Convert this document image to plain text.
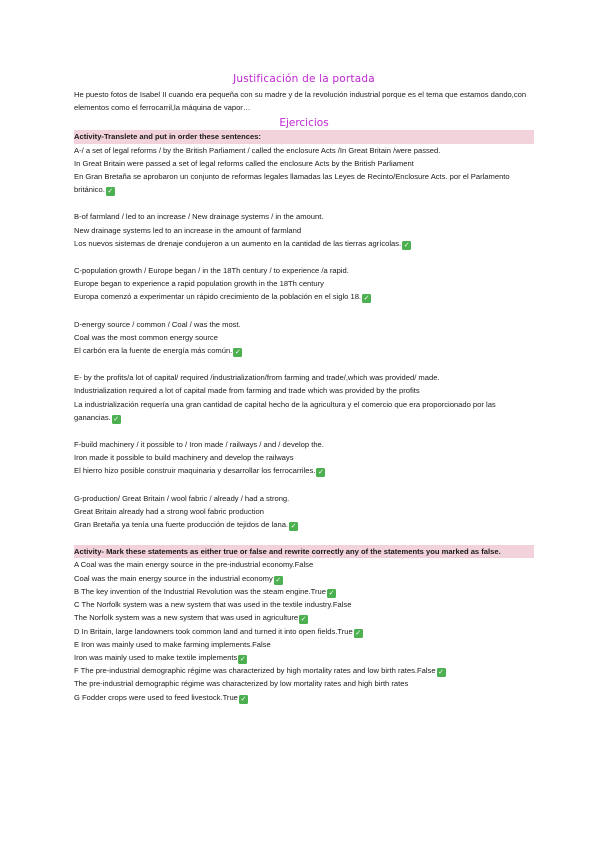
Justificación de la portada

He puesto fotos de Isabel II cuando era pequeña con su madre y de la revolución industrial porque es el tema que estamos dando,con elementos como el ferrocarril,la máquina de vapor…

Ejercicios

Activity-Translete and put in order these sentences:

A-/ a set of legal reforms / by the British Parliament / called the enclosure Acts /In Great Britain /were passed.

In Great Britain were passed a set of legal reforms called the enclosure Acts by the British Parliament

En Gran Bretaña se aprobaron un conjunto de reformas legales llamadas las Leyes de Recinto/Enclosure Acts. por el Parlamento británico. ✓

B-of farmland / led to an increase / New drainage systems / in the amount.

New drainage systems led to an increase in the amount of farmland

Los nuevos sistemas de drenaje condujeron a un aumento en la cantidad de las tierras agrícolas. ✓

C-population growth / Europe began / in the 18Th century / to experience /a rapid.

Europe began to experience a rapid population growth in the 18Th century

Europa comenzó a experimentar un rápido crecimiento de la población en el siglo 18. ✓

D-energy source / common / Coal / was the most.

Coal was the most common energy source

El carbón era la fuente de energía más común. ✓

E- by the profits/a lot of capital/ required /industrialization/from farming and trade/,which was provided/ made.

Industrialization required a lot of capital made from farming and trade which was provided by the profits

La industrialización requería una gran cantidad de capital hecho de la agricultura y el comercio que era proporcionado por las ganancias. ✓

F-build machinery / it possible to / Iron made / railways / and / develop the.

Iron made it possible to build machinery and develop the railways

El hierro hizo posible construir maquinaria y desarrollar los ferrocarriles. ✓

G-production/ Great Britain / wool fabric / already / had a strong.

Great Britain already had a strong wool fabric production

Gran Bretaña ya tenía una fuerte producción de tejidos de lana. ✓

Activity- Mark these statements as either true or false and rewrite correctly any of the statements you marked as false.

A Coal was the main energy source in the pre-industrial economy.False

Coal was the main energy source in the industrial economy ✓

B The key invention of the Industrial Revolution was the steam engine.True ✓

C The Norfolk system was a new system that was used in the textile industry.False

The Norfolk system was a new system that was used in agriculture ✓

D In Britain, large landowners took common land and turned it into open fields.True ✓

E Iron was mainly used to make farming implements.False

Iron was mainly used to make textile implements ✓

F The pre-industrial demographic régime was characterized by high mortality rates and low birth rates.False ✓

The pre-industrial demographic régime was characterized by low mortality rates and high birth rates

G Fodder crops were used to feed livestock.True ✓
